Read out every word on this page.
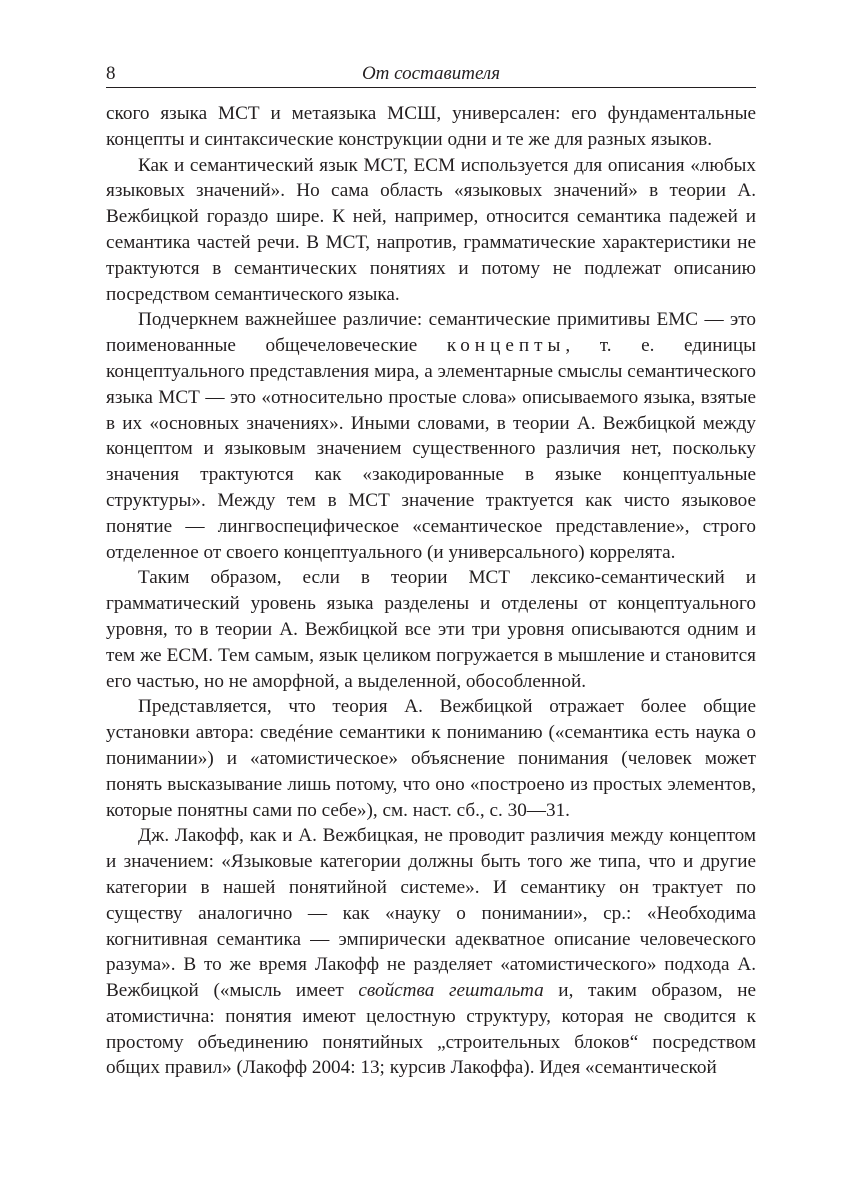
8	От составителя

ского языка МСТ и метаязыка МСШ, универсален: его фундаментальные концепты и синтаксические конструкции одни и те же для разных языков.

Как и семантический язык МСТ, ЕСМ используется для описания «любых языковых значений». Но сама область «языковых значений» в теории А. Вежбицкой гораздо шире. К ней, например, относится семантика падежей и семантика частей речи. В МСТ, напротив, грамматические характеристики не трактуются в семантических понятиях и потому не подлежат описанию посредством семантического языка.

Подчеркнем важнейшее различие: семантические примитивы ЕМС — это поименованные общечеловеческие концепты, т. е. единицы концептуального представления мира, а элементарные смыслы семантического языка МСТ — это «относительно простые слова» описываемого языка, взятые в их «основных значениях». Иными словами, в теории А. Вежбицкой между концептом и языковым значением существенного различия нет, поскольку значения трактуются как «закодированные в языке концептуальные структуры». Между тем в МСТ значение трактуется как чисто языковое понятие — лингвоспецифическое «семантическое представление», строго отделенное от своего концептуального (и универсального) коррелята.

Таким образом, если в теории МСТ лексико-семантический и грамматический уровень языка разделены и отделены от концептуального уровня, то в теории А. Вежбицкой все эти три уровня описываются одним и тем же ЕСМ. Тем самым, язык целиком погружается в мышление и становится его частью, но не аморфной, а выделенной, обособленной.

Представляется, что теория А. Вежбицкой отражает более общие установки автора: сведéние семантики к пониманию («семантика есть наука о понимании») и «атомистическое» объяснение понимания (человек может понять высказывание лишь потому, что оно «построено из простых элементов, которые понятны сами по себе»), см. наст. сб., с. 30—31.

Дж. Лакофф, как и А. Вежбицкая, не проводит различия между концептом и значением: «Языковые категории должны быть того же типа, что и другие категории в нашей понятийной системе». И семантику он трактует по существу аналогично — как «науку о понимании», ср.: «Необходима когнитивная семантика — эмпирически адекватное описание человеческого разума». В то же время Лакофф не разделяет «атомистического» подхода А. Вежбицкой («мысль имеет свойства гештальта и, таким образом, не атомистична: понятия имеют целостную структуру, которая не сводится к простому объединению понятийных „строительных блоков“ посредством общих правил» (Лакофф 2004: 13; курсив Лакоффа). Идея «семантической
